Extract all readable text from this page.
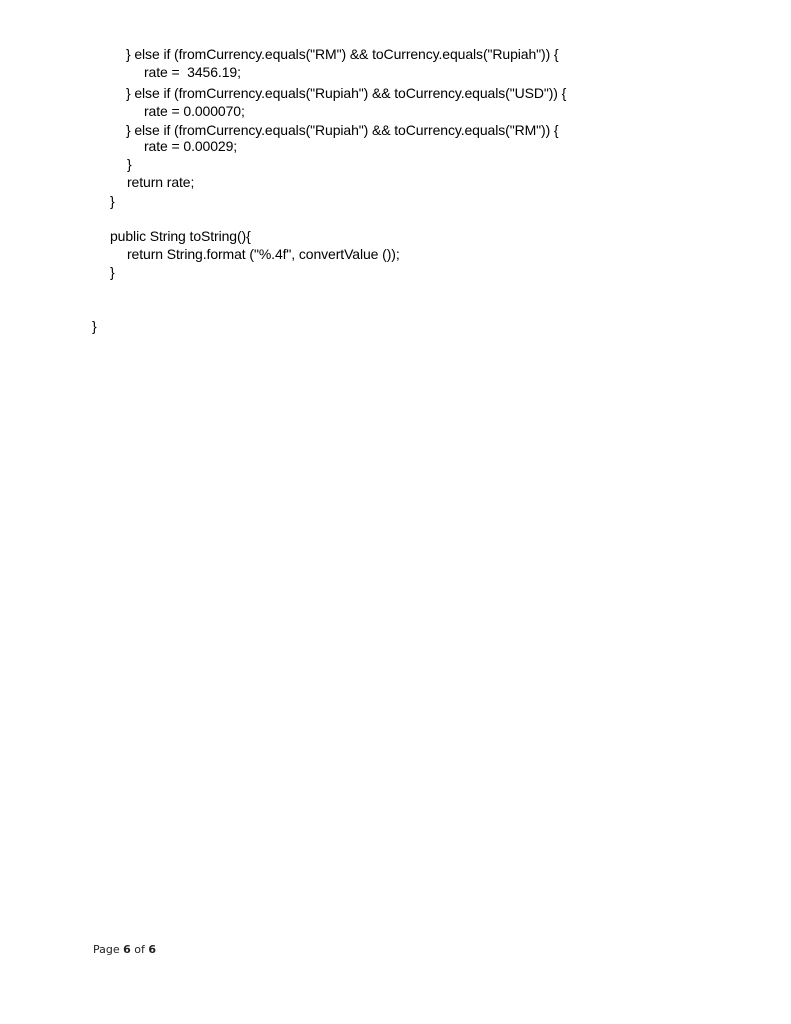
} else if (fromCurrency.equals("RM") && toCurrency.equals("Rupiah")) {
rate =  3456.19;
} else if (fromCurrency.equals("Rupiah") && toCurrency.equals("USD")) {
rate = 0.000070;
} else if (fromCurrency.equals("Rupiah") && toCurrency.equals("RM")) {
rate = 0.00029;
}
return rate;
}
public String toString(){
return String.format ("%.4f", convertValue ());
}
}
Page 6 of 6
